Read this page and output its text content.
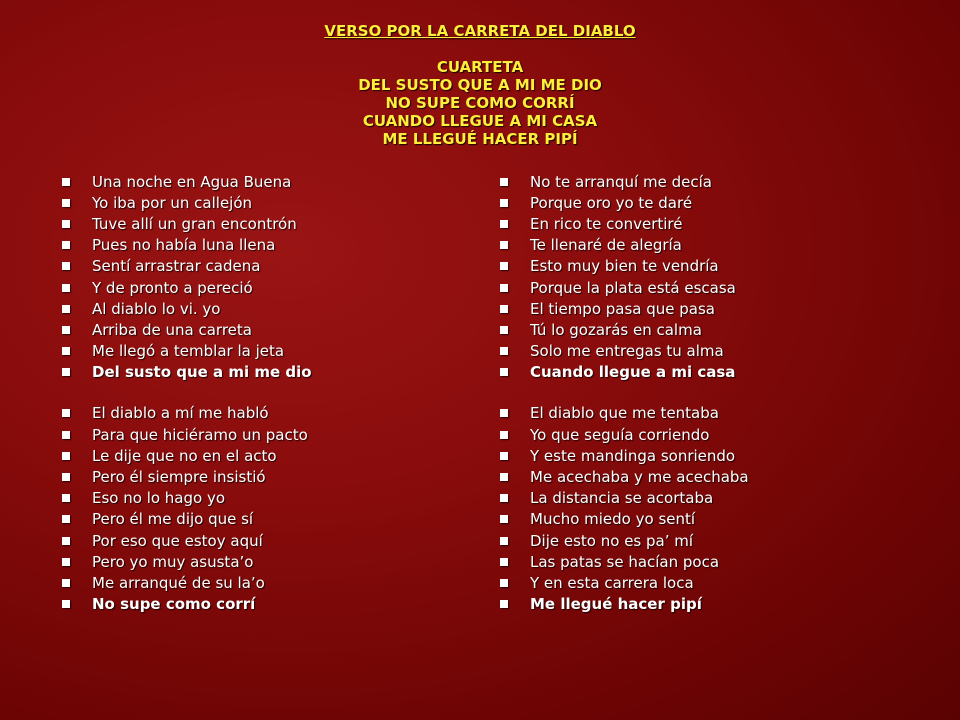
VERSO POR LA CARRETA DEL DIABLO
CUARTETA
DEL SUSTO QUE A MI ME DIO
NO SUPE COMO CORRÍ
CUANDO LLEGUE A MI CASA
ME LLEGUÉ HACER PIPÍ
Una noche en Agua Buena
Yo iba por un callejón
Tuve allí un gran encontrón
Pues no había luna llena
Sentí arrastrar cadena
Y de pronto a pereció
Al diablo lo vi. yo
Arriba de una carreta
Me llegó a temblar la jeta
Del susto que a mi me dio
El diablo a mí me habló
Para que hiciéramo un pacto
Le dije que no en el acto
Pero él siempre insistió
Eso no lo hago yo
Pero él me dijo que sí
Por eso que estoy aquí
Pero yo muy asusta’o
Me arranqué de su la’o
No supe como corrí
No te arranquí me decía
Porque oro yo te daré
En rico te convertiré
Te llenaré de alegría
Esto muy bien te vendría
Porque la plata está escasa
El tiempo pasa que pasa
Tú lo gozarás en calma
Solo me entregas tu alma
Cuando llegue a mi casa
El diablo que me tentaba
Yo que seguía corriendo
Y este mandinga sonriendo
Me acechaba y me acechaba
La distancia se acortaba
Mucho miedo yo sentí
Dije esto no es pa’ mí
Las patas se hacían poca
Y en esta carrera loca
Me llegué hacer pipí
